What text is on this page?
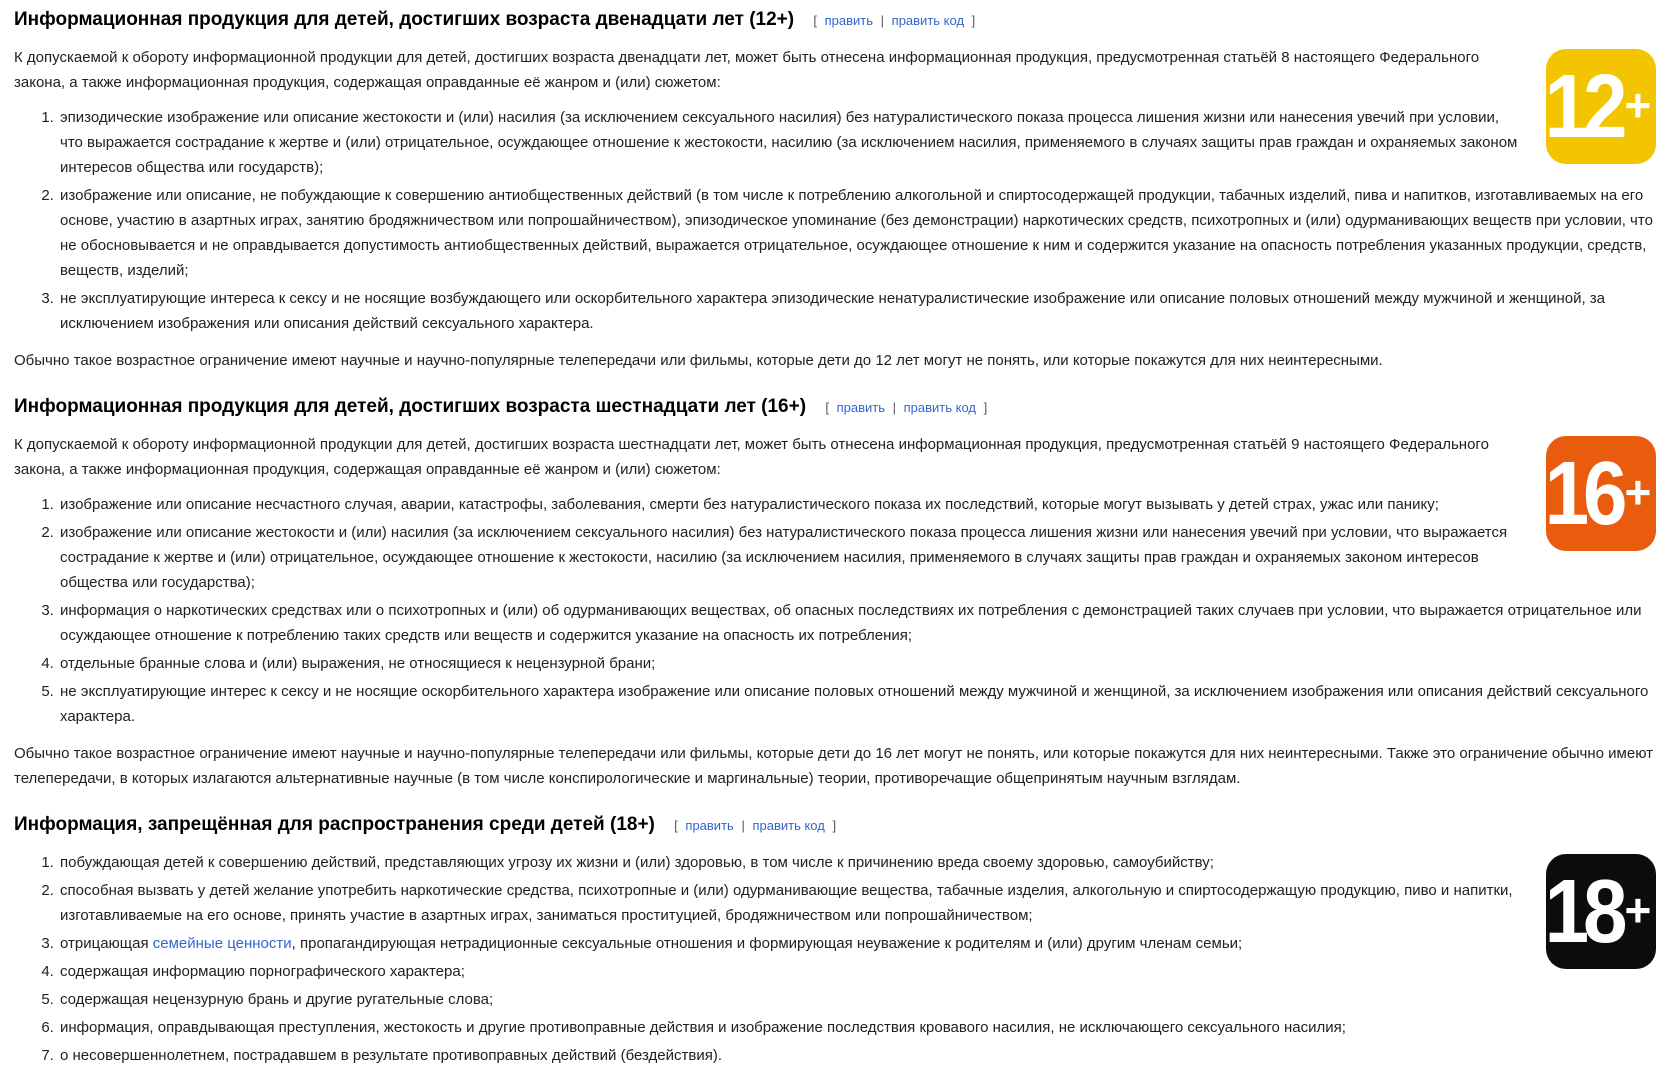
Информационная продукция для детей, достигших возраста двенадцати лет (12+) [ править | править код ]
12 +

К допускаемой к обороту информационной продукции для детей, достигших возраста двенадцати лет, может быть отнесена информационная продукция, предусмотренная статьёй 8 настоящего Федерального закона, а также информационная продукция, содержащая оправданные её жанром и (или) сюжетом:

1. эпизодические изображение или описание жестокости и (или) насилия (за исключением сексуального насилия) без натуралистического показа процесса лишения жизни или нанесения увечий при условии, что выражается сострадание к жертве и (или) отрицательное, осуждающее отношение к жестокости, насилию (за исключением насилия, применяемого в случаях защиты прав граждан и охраняемых законом интересов общества или государств);
2. изображение или описание, не побуждающие к совершению антиобщественных действий (в том числе к потреблению алкогольной и спиртосодержащей продукции, табачных изделий, пива и напитков, изготавливаемых на его основе, участию в азартных играх, занятию бродяжничеством или попрошайничеством), эпизодическое упоминание (без демонстрации) наркотических средств, психотропных и (или) одурманивающих веществ при условии, что не обосновывается и не оправдывается допустимость антиобщественных действий, выражается отрицательное, осуждающее отношение к ним и содержится указание на опасность потребления указанных продукции, средств, веществ, изделий;
3. не эксплуатирующие интереса к сексу и не носящие возбуждающего или оскорбительного характера эпизодические ненатуралистические изображение или описание половых отношений между мужчиной и женщиной, за исключением изображения или описания действий сексуального характера.

Обычно такое возрастное ограничение имеют научные и научно-популярные телепередачи или фильмы, которые дети до 12 лет могут не понять, или которые покажутся для них неинтересными.

Информационная продукция для детей, достигших возраста шестнадцати лет (16+) [ править | править код ]
16 +

К допускаемой к обороту информационной продукции для детей, достигших возраста шестнадцати лет, может быть отнесена информационная продукция, предусмотренная статьёй 9 настоящего Федерального закона, а также информационная продукция, содержащая оправданные её жанром и (или) сюжетом:

1. изображение или описание несчастного случая, аварии, катастрофы, заболевания, смерти без натуралистического показа их последствий, которые могут вызывать у детей страх, ужас или панику;
2. изображение или описание жестокости и (или) насилия (за исключением сексуального насилия) без натуралистического показа процесса лишения жизни или нанесения увечий при условии, что выражается сострадание к жертве и (или) отрицательное, осуждающее отношение к жестокости, насилию (за исключением насилия, применяемого в случаях защиты прав граждан и охраняемых законом интересов общества или государства);
3. информация о наркотических средствах или о психотропных и (или) об одурманивающих веществах, об опасных последствиях их потребления с демонстрацией таких случаев при условии, что выражается отрицательное или осуждающее отношение к потреблению таких средств или веществ и содержится указание на опасность их потребления;
4. отдельные бранные слова и (или) выражения, не относящиеся к нецензурной брани;
5. не эксплуатирующие интерес к сексу и не носящие оскорбительного характера изображение или описание половых отношений между мужчиной и женщиной, за исключением изображения или описания действий сексуального характера.

Обычно такое возрастное ограничение имеют научные и научно-популярные телепередачи или фильмы, которые дети до 16 лет могут не понять, или которые покажутся для них неинтересными. Также это ограничение обычно имеют телепередачи, в которых излагаются альтернативные научные (в том числе конспирологические и маргинальные) теории, противоречащие общепринятым научным взглядам.

Информация, запрещённая для распространения среди детей (18+) [ править | править код ]
18 +
1. побуждающая детей к совершению действий, представляющих угрозу их жизни и (или) здоровью, в том числе к причинению вреда своему здоровью, самоубийству;
2. способная вызвать у детей желание употребить наркотические средства, психотропные и (или) одурманивающие вещества, табачные изделия, алкогольную и спиртосодержащую продукцию, пиво и напитки, изготавливаемые на его основе, принять участие в азартных играх, заниматься проституцией, бродяжничеством или попрошайничеством;
3. отрицающая семейные ценности, пропагандирующая нетрадиционные сексуальные отношения и формирующая неуважение к родителям и (или) другим членам семьи;
4. содержащая информацию порнографического характера;
5. содержащая нецензурную брань и другие ругательные слова;
6. информация, оправдывающая преступления, жестокость и другие противоправные действия и изображение последствия кровавого насилия, не исключающего сексуального насилия;
7. о несовершеннолетнем, пострадавшем в результате противоправных действий (бездействия).
